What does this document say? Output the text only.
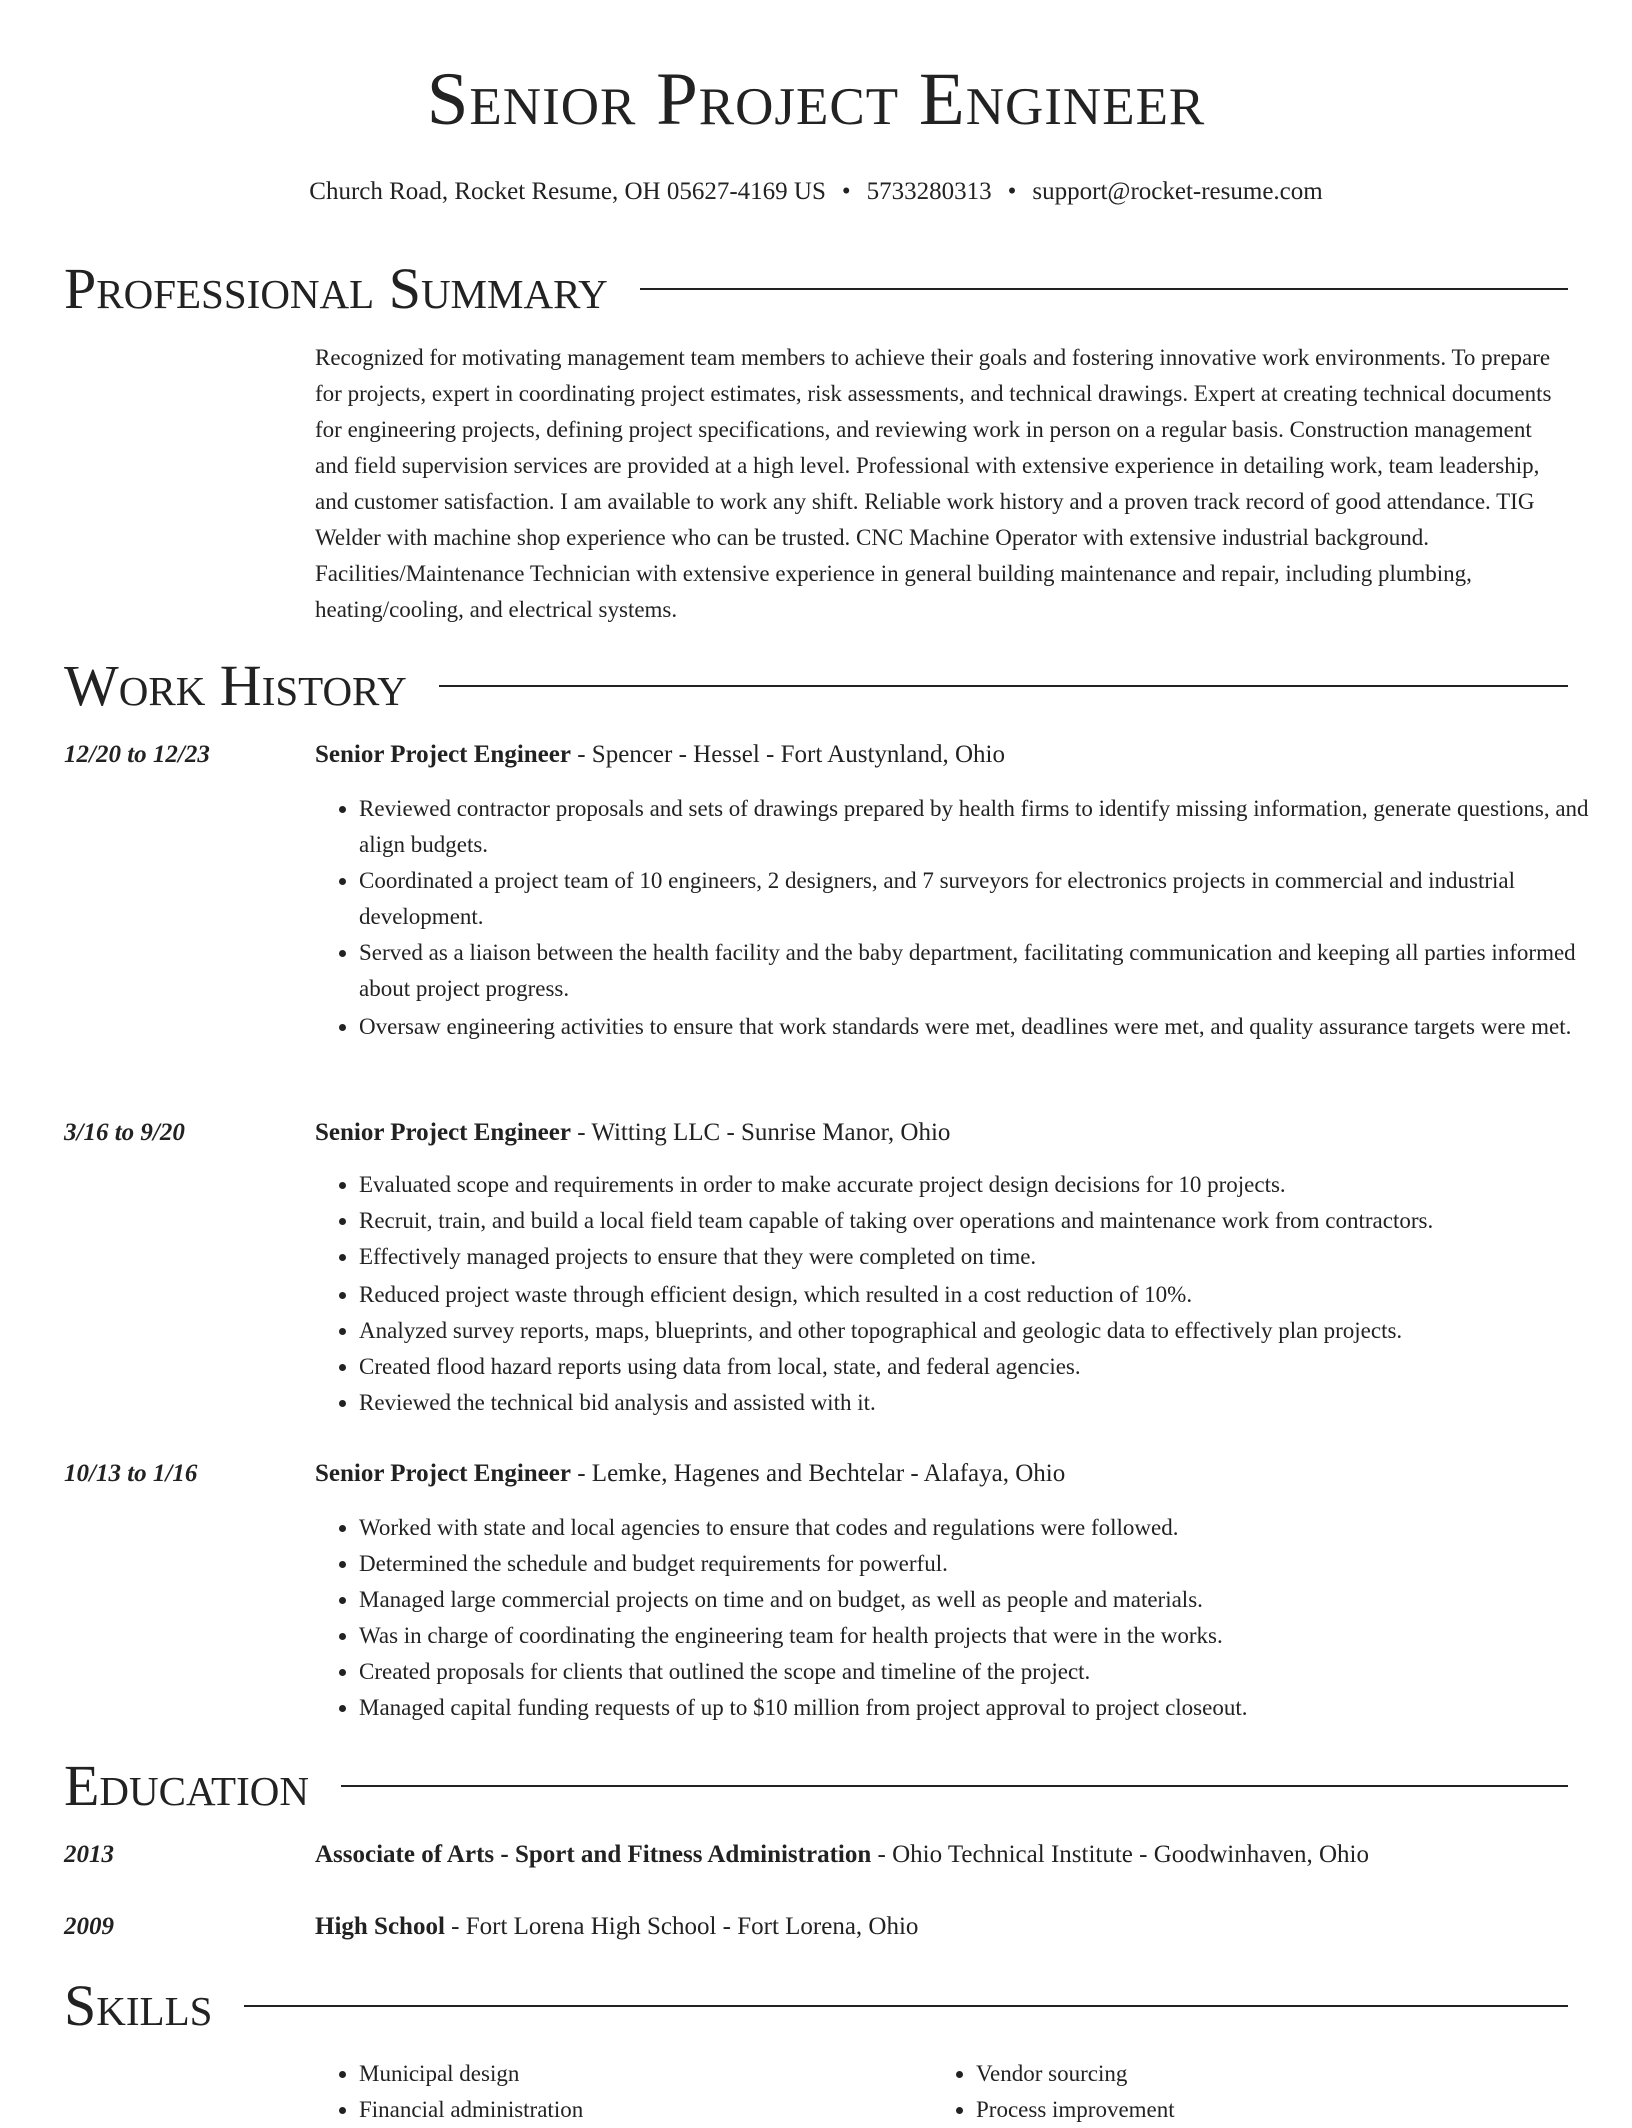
Senior Project Engineer
Church Road, Rocket Resume, OH 05627-4169 US • 5733280313 • support@rocket-resume.com
Professional Summary
Recognized for motivating management team members to achieve their goals and fostering innovative work environments. To prepare for projects, expert in coordinating project estimates, risk assessments, and technical drawings. Expert at creating technical documents for engineering projects, defining project specifications, and reviewing work in person on a regular basis. Construction management and field supervision services are provided at a high level. Professional with extensive experience in detailing work, team leadership, and customer satisfaction. I am available to work any shift. Reliable work history and a proven track record of good attendance. TIG Welder with machine shop experience who can be trusted. CNC Machine Operator with extensive industrial background. Facilities/Maintenance Technician with extensive experience in general building maintenance and repair, including plumbing, heating/cooling, and electrical systems.
Work History
12/20 to 12/23	Senior Project Engineer - Spencer - Hessel - Fort Austynland, Ohio
• Reviewed contractor proposals and sets of drawings prepared by health firms to identify missing information, generate questions, and align budgets.
• Coordinated a project team of 10 engineers, 2 designers, and 7 surveyors for electronics projects in commercial and industrial development.
• Served as a liaison between the health facility and the baby department, facilitating communication and keeping all parties informed about project progress.
• Oversaw engineering activities to ensure that work standards were met, deadlines were met, and quality assurance targets were met.
3/16 to 9/20	Senior Project Engineer - Witting LLC - Sunrise Manor, Ohio
• Evaluated scope and requirements in order to make accurate project design decisions for 10 projects.
• Recruit, train, and build a local field team capable of taking over operations and maintenance work from contractors.
• Effectively managed projects to ensure that they were completed on time.
• Reduced project waste through efficient design, which resulted in a cost reduction of 10%.
• Analyzed survey reports, maps, blueprints, and other topographical and geologic data to effectively plan projects.
• Created flood hazard reports using data from local, state, and federal agencies.
• Reviewed the technical bid analysis and assisted with it.
10/13 to 1/16	Senior Project Engineer - Lemke, Hagenes and Bechtelar - Alafaya, Ohio
• Worked with state and local agencies to ensure that codes and regulations were followed.
• Determined the schedule and budget requirements for powerful.
• Managed large commercial projects on time and on budget, as well as people and materials.
• Was in charge of coordinating the engineering team for health projects that were in the works.
• Created proposals for clients that outlined the scope and timeline of the project.
• Managed capital funding requests of up to $10 million from project approval to project closeout.
Education
2013	Associate of Arts - Sport and Fitness Administration - Ohio Technical Institute - Goodwinhaven, Ohio
2009	High School - Fort Lorena High School - Fort Lorena, Ohio
Skills
• Municipal design
• Financial administration
• Vendor sourcing
• Process improvement
